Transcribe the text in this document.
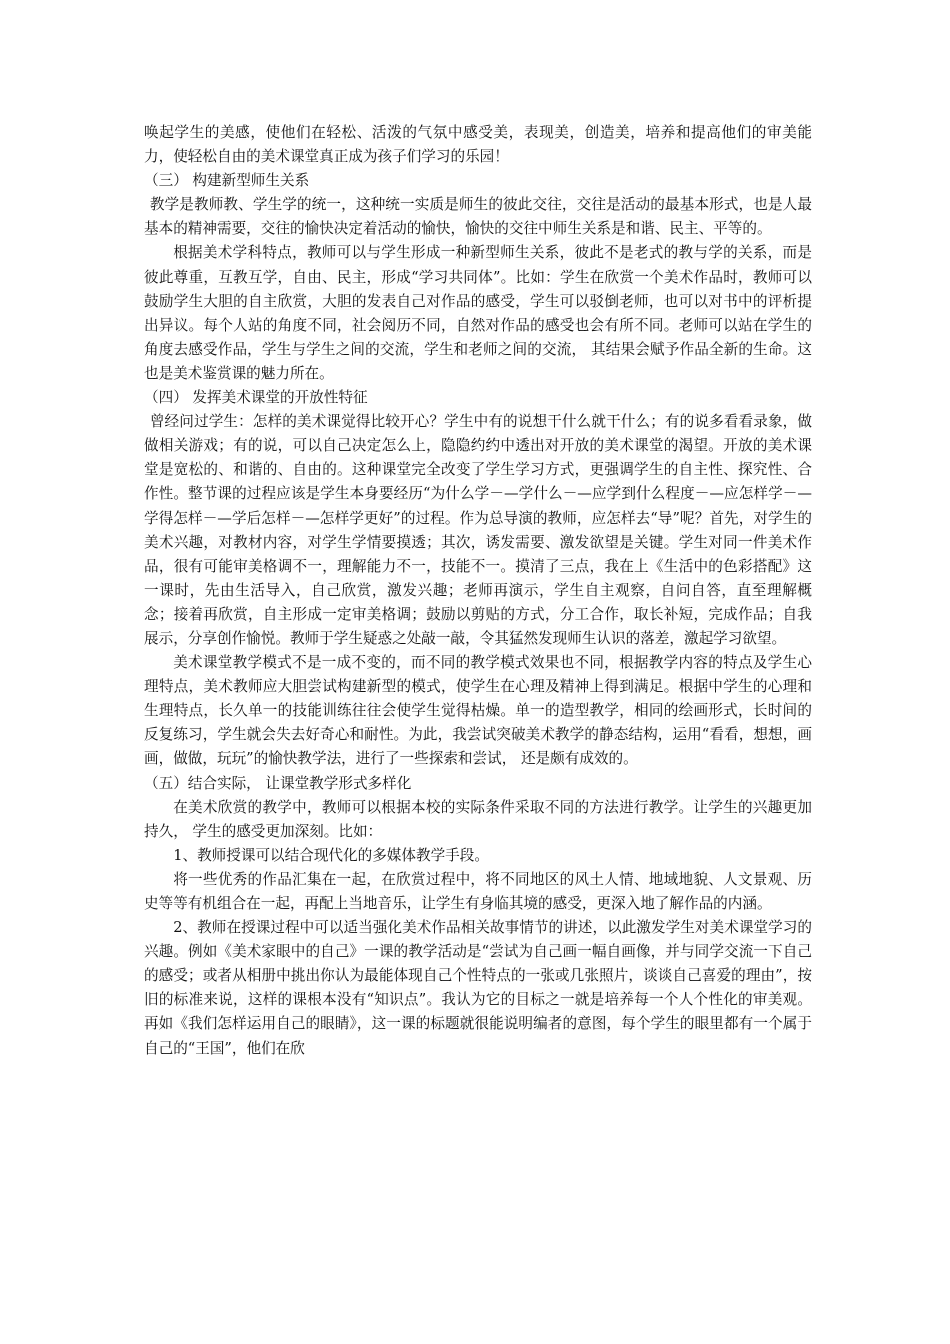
唤起学生的美感，使他们在轻松、活泼的气氛中感受美，表现美，创造美，培养和提高他们的审美能力，使轻松自由的美术课堂真正成为孩子们学习的乐园！

（三） 构建新型师生关系

教学是教师教、学生学的统一，这种统一实质是师生的彼此交往，交往是活动的最基本形式，也是人最基本的精神需要，交往的愉快决定着活动的愉快，愉快的交往中师生关系是和谐、民主、平等的。

根据美术学科特点，教师可以与学生形成一种新型师生关系，彼此不是老式的教与学的关系，而是彼此尊重，互教互学，自由、民主，形成“学习共同体”。比如：学生在欣赏一个美术作品时，教师可以鼓励学生大胆的自主欣赏，大胆的发表自己对作品的感受，学生可以驳倒老师，也可以对书中的评析提出异议。每个人站的角度不同，社会阅历不同，自然对作品的感受也会有所不同。老师可以站在学生的角度去感受作品，学生与学生之间的交流，学生和老师之间的交流， 其结果会赋予作品全新的生命。这也是美术鉴赏课的魅力所在。

（四） 发挥美术课堂的开放性特征

曾经问过学生：怎样的美术课觉得比较开心？学生中有的说想干什么就干什么；有的说多看看录象，做做相关游戏；有的说，可以自己决定怎么上，隐隐约约中透出对开放的美术课堂的渴望。开放的美术课堂是宽松的、和谐的、自由的。这种课堂完全改变了学生学习方式，更强调学生的自主性、探究性、合作性。整节课的过程应该是学生本身要经历“为什么学－—学什么－—应学到什么程度－—应怎样学－—学得怎样－—学后怎样－—怎样学更好”的过程。作为总导演的教师，应怎样去“导”呢？首先，对学生的美术兴趣，对教材内容，对学生学情要摸透；其次，诱发需要、激发欲望是关键。学生对同一件美术作品，很有可能审美格调不一，理解能力不一，技能不一。摸清了三点，我在上《生活中的色彩搭配》这一课时，先由生活导入，自己欣赏，激发兴趣；老师再演示，学生自主观察，自问自答，直至理解概念；接着再欣赏，自主形成一定审美格调；鼓励以剪贴的方式，分工合作，取长补短，完成作品；自我展示，分享创作愉悦。教师于学生疑惑之处敲一敲，令其猛然发现师生认识的落差，激起学习欲望。

美术课堂教学模式不是一成不变的，而不同的教学模式效果也不同，根据教学内容的特点及学生心理特点，美术教师应大胆尝试构建新型的模式，使学生在心理及精神上得到满足。根据中学生的心理和生理特点，长久单一的技能训练往往会使学生觉得枯燥。单一的造型教学，相同的绘画形式，长时间的反复练习，学生就会失去好奇心和耐性。为此，我尝试突破美术教学的静态结构，运用“看看，想想，画画，做做，玩玩”的愉快教学法，进行了一些探索和尝试， 还是颇有成效的。

（五）结合实际， 让课堂教学形式多样化

在美术欣赏的教学中，教师可以根据本校的实际条件采取不同的方法进行教学。让学生的兴趣更加持久， 学生的感受更加深刻。比如：

1、教师授课可以结合现代化的多媒体教学手段。

将一些优秀的作品汇集在一起，在欣赏过程中，将不同地区的风土人情、地域地貌、人文景观、历史等等有机组合在一起，再配上当地音乐，让学生有身临其境的感受，更深入地了解作品的内涵。

2、教师在授课过程中可以适当强化美术作品相关故事情节的讲述，以此激发学生对美术课堂学习的兴趣。例如《美术家眼中的自己》一课的教学活动是“尝试为自己画一幅自画像，并与同学交流一下自己的感受；或者从相册中挑出你认为最能体现自己个性特点的一张或几张照片，谈谈自己喜爱的理由”，按旧的标准来说，这样的课根本没有“知识点”。我认为它的目标之一就是培养每一个人个性化的审美观。再如《我们怎样运用自己的眼睛》，这一课的标题就很能说明编者的意图，每个学生的眼里都有一个属于自己的“王国”，他们在欣
